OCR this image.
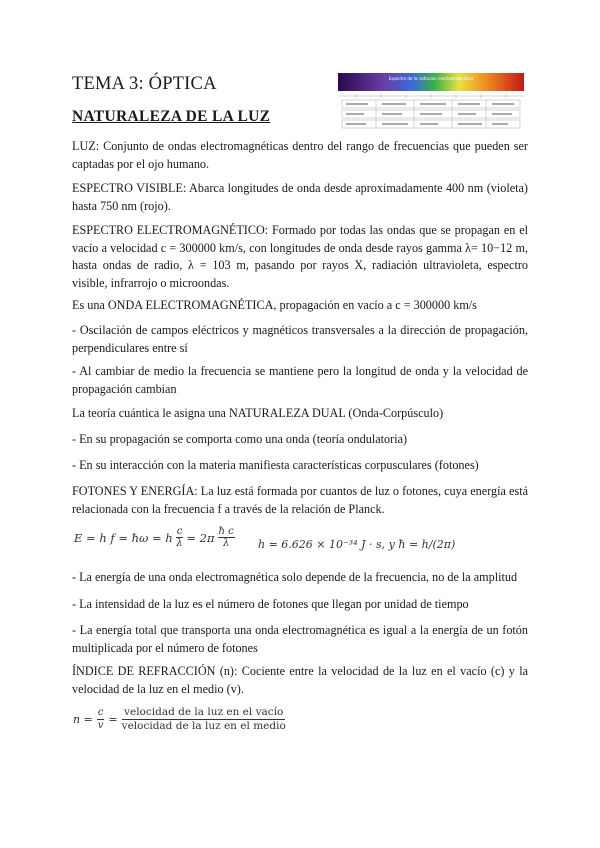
TEMA 3: ÓPTICA
NATURALEZA DE LA LUZ
Espectro de la radiación electromagnética

LUZ: Conjunto de ondas electromagnéticas dentro del rango de frecuencias que pueden ser captadas por el ojo humano.

ESPECTRO VISIBLE: Abarca longitudes de onda desde aproximadamente 400 nm (violeta) hasta 750 nm (rojo).

ESPECTRO ELECTROMAGNÉTICO: Formado por todas las ondas que se propagan en el vacío a velocidad c = 300000 km/s, con longitudes de onda desde rayos gamma λ= 10−12 m, hasta ondas de radio, λ = 103 m, pasando por rayos X, radiación ultravioleta, espectro visible, infrarrojo o microondas.

Es una ONDA ELECTROMAGNÉTICA, propagación en vacío a c = 300000 km/s

- Oscilación de campos eléctricos y magnéticos transversales a la dirección de propagación, perpendiculares entre sí

- Al cambiar de medio la frecuencia se mantiene pero la longitud de onda y la velocidad de propagación cambian

La teoría cuántica le asigna una NATURALEZA DUAL (Onda-Corpúsculo)

- En su propagación se comporta como una onda (teoría ondulatoria)

- En su interacción con la materia manifiesta características corpusculares (fotones)

FOTONES Y ENERGÍA: La luz está formada por cuantos de luz o fotones, cuya energía está relacionada con la frecuencia f a través de la relación de Planck.

E = h f = ħω = h $\frac{c}{\lambda} = 2\pi \frac{\text{ħ c}}{\lambda}$ h = 6.626 × 10⁻³⁴ J · s, y ħ = h/(2π)

- La energía de una onda electromagnética solo depende de la frecuencia, no de la amplitud

- La intensidad de la luz es el número de fotones que llegan por unidad de tiempo

- La energía total que transporta una onda electromagnética es igual a la energía de un fotón multiplicada por el número de fotones

ÍNDICE DE REFRACCIÓN (n): Cociente entre la velocidad de la luz en el vacío (c) y la velocidad de la luz en el medio (v).

$n = \frac{c}{v}$ =
velocidad de la luz en el vacío
velocidad de la luz en el medio
